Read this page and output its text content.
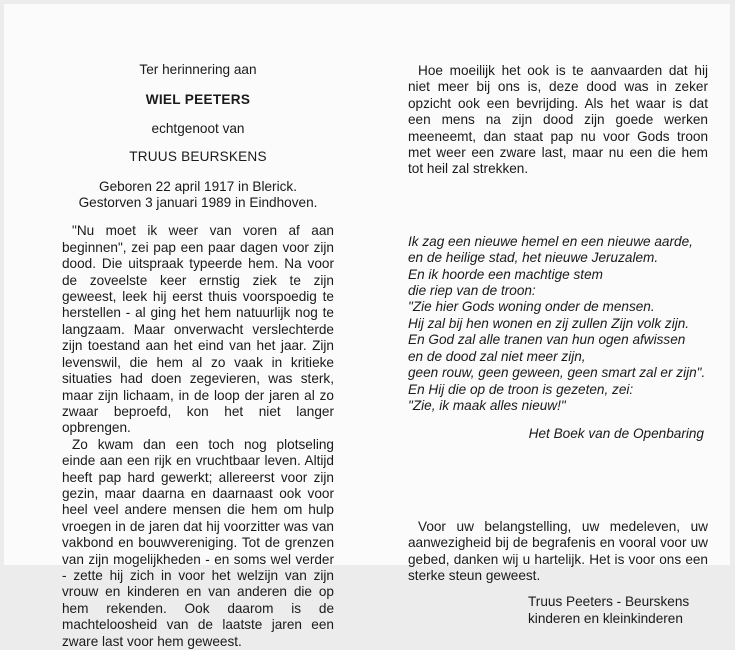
Ter herinnering aan
WIEL PEETERS
echtgenoot van
TRUUS BEURSKENS
Geboren 22 april 1917 in Blerick.
Gestorven 3 januari 1989 in Eindhoven.

"Nu moet ik weer van voren af aan beginnen", zei pap een paar dagen voor zijn dood. Die uitspraak typeerde hem. Na voor de zoveelste keer ernstig ziek te zijn geweest, leek hij eerst thuis voorspoedig te herstellen - al ging het hem natuurlijk nog te langzaam. Maar onverwacht verslechterde zijn toestand aan het eind van het jaar. Zijn levenswil, die hem al zo vaak in kritieke situaties had doen zegevieren, was sterk, maar zijn lichaam, in de loop der jaren al zo zwaar beproefd, kon het niet langer opbrengen.

Zo kwam dan een toch nog plotseling einde aan een rijk en vruchtbaar leven. Altijd heeft pap hard gewerkt; allereerst voor zijn gezin, maar daarna en daarnaast ook voor heel veel andere mensen die hem om hulp vroegen in de jaren dat hij voorzitter was van vakbond en bouwvereniging. Tot de grenzen van zijn mogelijkheden - en soms wel verder - zette hij zich in voor het welzijn van zijn vrouw en kinderen en van anderen die op hem rekenden. Ook daarom is de machteloosheid van de laatste jaren een zware last voor hem geweest.

Hoe moeilijk het ook is te aanvaarden dat hij niet meer bij ons is, deze dood was in zeker opzicht ook een bevrijding. Als het waar is dat een mens na zijn dood zijn goede werken meeneemt, dan staat pap nu voor Gods troon met weer een zware last, maar nu een die hem tot heil zal strekken.

Ik zag een nieuwe hemel en een nieuwe aarde,
en de heilige stad, het nieuwe Jeruzalem.
En ik hoorde een machtige stem
die riep van de troon:
"Zie hier Gods woning onder de mensen.
Hij zal bij hen wonen en zij zullen Zijn volk zijn.
En God zal alle tranen van hun ogen afwissen
en de dood zal niet meer zijn,
geen rouw, geen geween, geen smart zal er zijn".
En Hij die op de troon is gezeten, zei:
"Zie, ik maak alles nieuw!"
Het Boek van de Openbaring

Voor uw belangstelling, uw medeleven, uw aanwezigheid bij de begrafenis en vooral voor uw gebed, danken wij u hartelijk. Het is voor ons een sterke steun geweest.

Truus Peeters - Beurskens
kinderen en kleinkinderen
